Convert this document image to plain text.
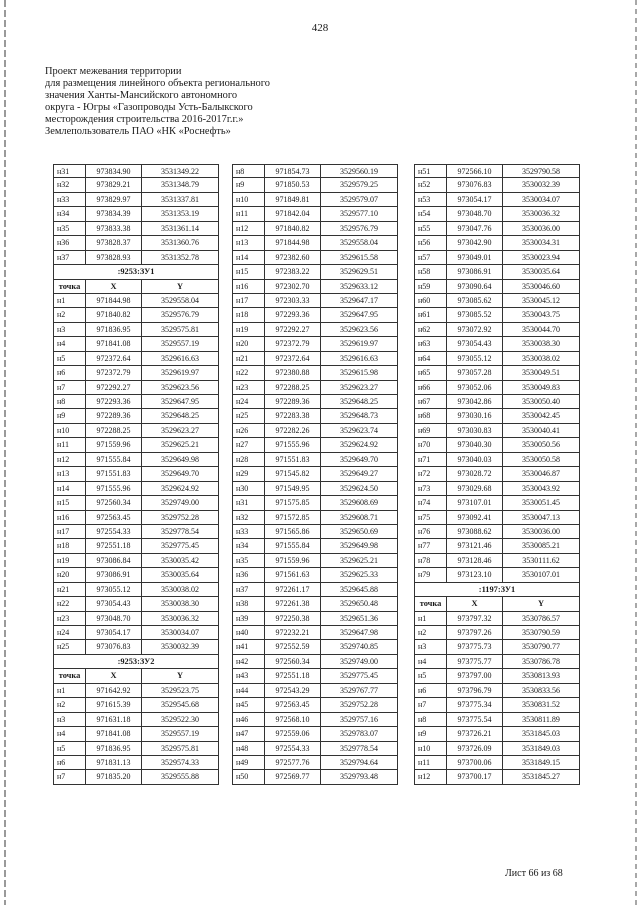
428
Проект межевания территории
для размещения линейного объекта регионального
значения Ханты-Мансийского автономного
округа - Югры «Газопроводы Усть-Балыкского
месторождения строительства 2016-2017г.г.»
Землепользователь ПАО «НК «Роснефть»
н31	973834.90	3531349.22
н32	973829.21	3531348.79
н33	973829.97	3531337.81
н34	973834.39	3531353.19
н35	973833.38	3531361.14
н36	973828.37	3531360.76
н37	973828.93	3531352.78
:9253:ЗУ1
точка	X	Y
н1	971844.98	3529558.04
н2	971840.82	3529576.79
н3	971836.95	3529575.81
н4	971841.08	3529557.19
н5	972372.64	3529616.63
н6	972372.79	3529619.97
н7	972292.27	3529623.56
н8	972293.36	3529647.95
н9	972289.36	3529648.25
н10	972288.25	3529623.27
н11	971559.96	3529625.21
н12	971555.84	3529649.98
н13	971551.83	3529649.70
н14	971555.96	3529624.92
н15	972560.34	3529749.00
н16	972563.45	3529752.28
н17	972554.33	3529778.54
н18	972551.18	3529775.45
н19	973086.84	3530035.42
н20	973086.91	3530035.64
н21	973055.12	3530038.02
н22	973054.43	3530038.30
н23	973048.70	3530036.32
н24	973054.17	3530034.07
н25	973076.83	3530032.39
:9253:ЗУ2
точка	X	Y
н1	971642.92	3529523.75
н2	971615.39	3529545.68
н3	971631.18	3529522.30
н4	971841.08	3529557.19
н5	971836.95	3529575.81
н6	971831.13	3529574.33
н7	971835.20	3529555.88
н8	971854.73	3529560.19
н9	971850.53	3529579.25
н10	971849.81	3529579.07
н11	971842.04	3529577.10
н12	971840.82	3529576.79
н13	971844.98	3529558.04
н14	972382.60	3529615.58
н15	972383.22	3529629.51
н16	972302.70	3529633.12
н17	972303.33	3529647.17
н18	972293.36	3529647.95
н19	972292.27	3529623.56
н20	972372.79	3529619.97
н21	972372.64	3529616.63
н22	972380.88	3529615.98
н23	972288.25	3529623.27
н24	972289.36	3529648.25
н25	972283.38	3529648.73
н26	972282.26	3529623.74
н27	971555.96	3529624.92
н28	971551.83	3529649.70
н29	971545.82	3529649.27
н30	971549.95	3529624.50
н31	971575.85	3529608.69
н32	971572.85	3529608.71
н33	971565.86	3529650.69
н34	971555.84	3529649.98
н35	971559.96	3529625.21
н36	971561.63	3529625.33
н37	972261.17	3529645.88
н38	972261.38	3529650.48
н39	972250.38	3529651.36
н40	972232.21	3529647.98
н41	972552.59	3529740.85
н42	972560.34	3529749.00
н43	972551.18	3529775.45
н44	972543.29	3529767.77
н45	972563.45	3529752.28
н46	972568.10	3529757.16
н47	972559.06	3529783.07
н48	972554.33	3529778.54
н49	972577.76	3529794.64
н50	972569.77	3529793.48
н51	972566.10	3529790.58
н52	973076.83	3530032.39
н53	973054.17	3530034.07
н54	973048.70	3530036.32
н55	973047.76	3530036.00
н56	973042.90	3530034.31
н57	973049.01	3530023.94
н58	973086.91	3530035.64
н59	973090.64	3530046.60
н60	973085.62	3530045.12
н61	973085.52	3530043.75
н62	973072.92	3530044.70
н63	973054.43	3530038.30
н64	973055.12	3530038.02
н65	973057.28	3530049.51
н66	973052.06	3530049.83
н67	973042.86	3530050.40
н68	973030.16	3530042.45
н69	973030.83	3530040.41
н70	973040.30	3530050.56
н71	973040.03	3530050.58
н72	973028.72	3530046.87
н73	973029.68	3530043.92
н74	973107.01	3530051.45
н75	973092.41	3530047.13
н76	973088.62	3530036.00
н77	973121.46	3530085.21
н78	973128.46	3530111.62
н79	973123.10	3530107.01
:1197:ЗУ1
точка	X	Y
н1	973797.32	3530786.57
н2	973797.26	3530790.59
н3	973775.73	3530790.77
н4	973775.77	3530786.78
н5	973797.00	3530813.93
н6	973796.79	3530833.56
н7	973775.34	3530831.52
н8	973775.54	3530811.89
н9	973726.21	3531845.03
н10	973726.09	3531849.03
н11	973700.06	3531849.15
н12	973700.17	3531845.27
Лист 66 из 68
